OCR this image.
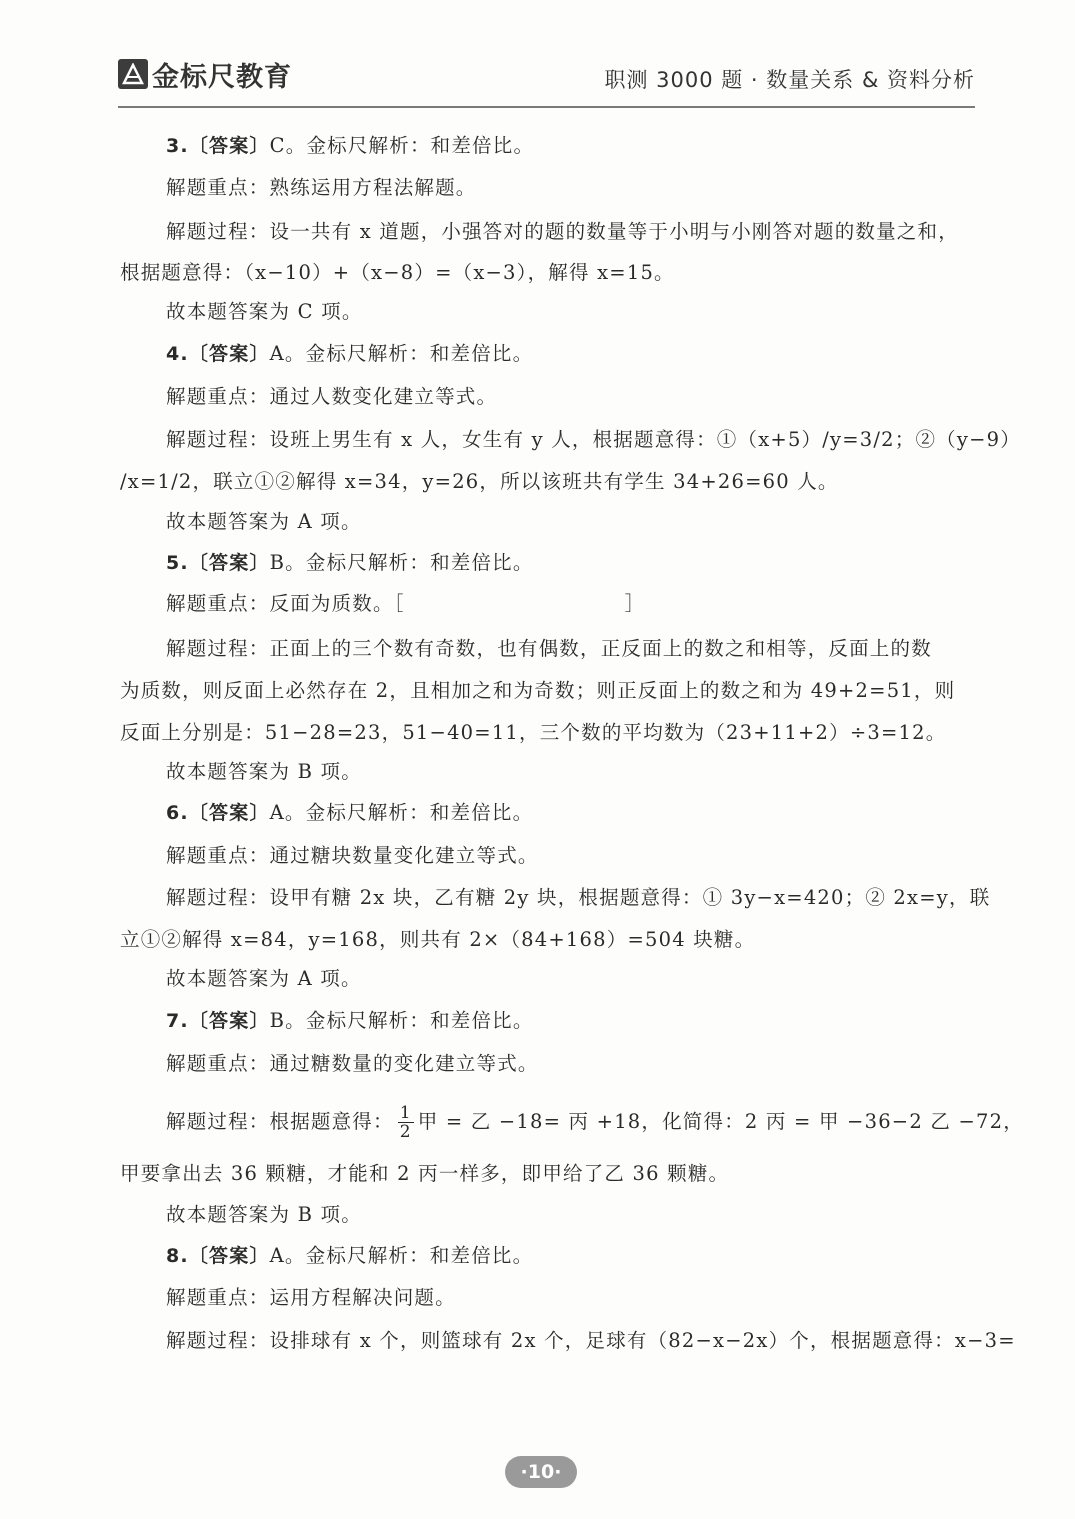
金标尺教育	职测 3000 题 · 数量关系 & 资料分析
3.〔答案〕C。金标尺解析：和差倍比。
解题重点：熟练运用方程法解题。
解题过程：设一共有 x 道题，小强答对的题的数量等于小明与小刚答对题的数量之和，
根据题意得：（x−10）+（x−8）=（x−3），解得 x=15。
故本题答案为 C 项。
4.〔答案〕A。金标尺解析：和差倍比。
解题重点：通过人数变化建立等式。
解题过程：设班上男生有 x 人，女生有 y 人，根据题意得：①（x+5）/y=3/2；②（y−9）
/x=1/2，联立①②解得 x=34，y=26，所以该班共有学生 34+26=60 人。
故本题答案为 A 项。
5.〔答案〕B。金标尺解析：和差倍比。
解题重点：反面为质数。［	］
解题过程：正面上的三个数有奇数，也有偶数，正反面上的数之和相等，反面上的数
为质数，则反面上必然存在 2，且相加之和为奇数；则正反面上的数之和为 49+2=51，则
反面上分别是：51−28=23，51−40=11，三个数的平均数为（23+11+2）÷3=12。
故本题答案为 B 项。
6.〔答案〕A。金标尺解析：和差倍比。
解题重点：通过糖块数量变化建立等式。
解题过程：设甲有糖 2x 块，乙有糖 2y 块，根据题意得：① 3y−x=420；② 2x=y，联
立①②解得 x=84，y=168，则共有 2×（84+168）=504 块糖。
故本题答案为 A 项。
7.〔答案〕B。金标尺解析：和差倍比。
解题重点：通过糖数量的变化建立等式。
解题过程：根据题意得： $\frac{1}{2}$ 甲 = 乙 −18= 丙 +18，化简得：2 丙 = 甲 −36−2 乙 −72，
甲要拿出去 36 颗糖，才能和 2 丙一样多，即甲给了乙 36 颗糖。
故本题答案为 B 项。
8.〔答案〕A。金标尺解析：和差倍比。
解题重点：运用方程解决问题。
解题过程：设排球有 x 个，则篮球有 2x 个，足球有（82−x−2x）个，根据题意得：x−3=
·10·
